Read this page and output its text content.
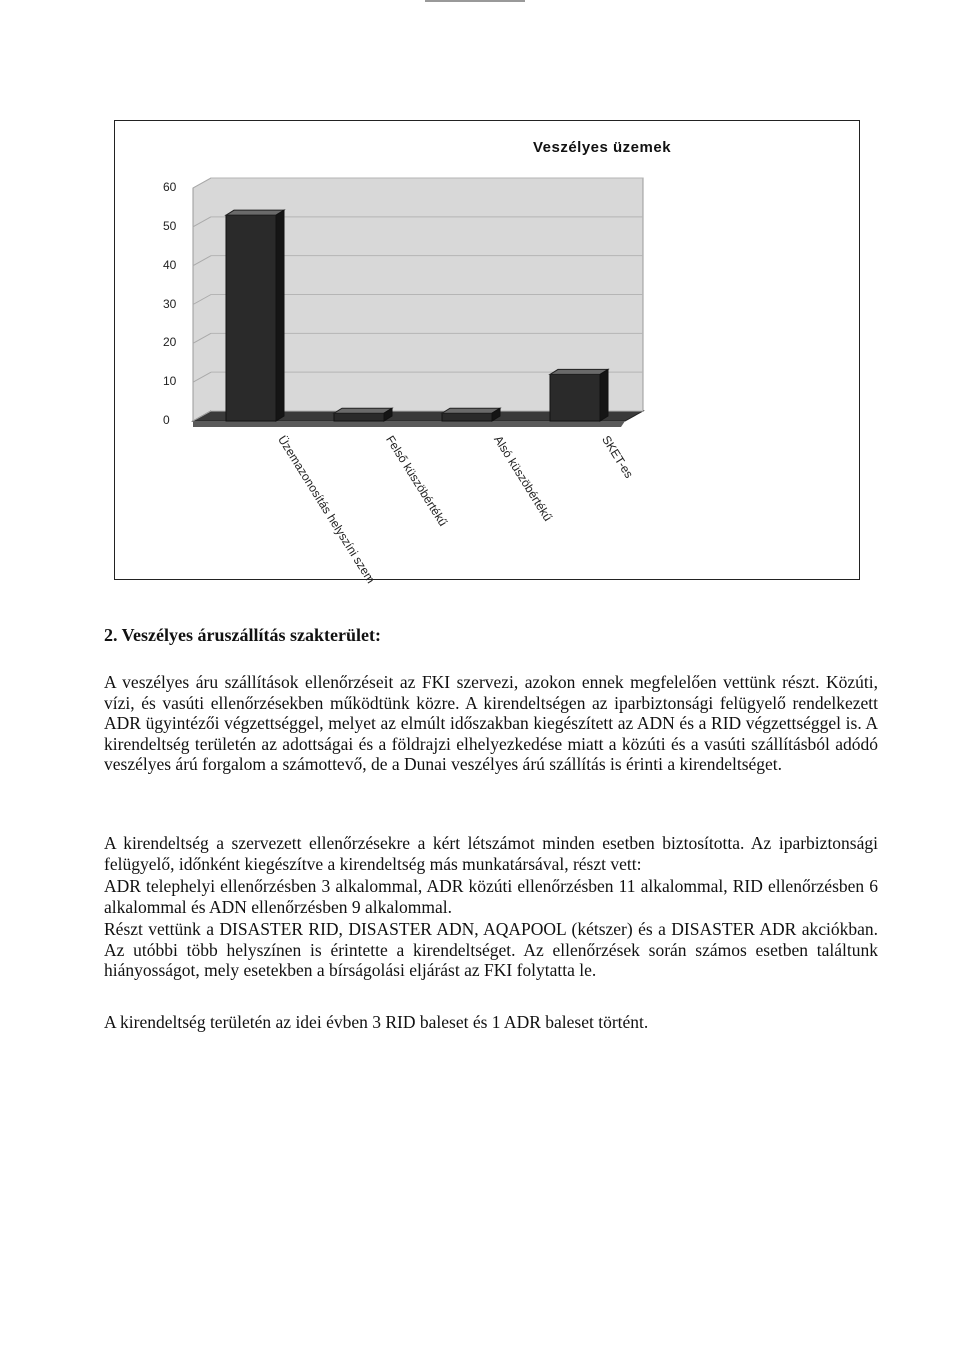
Veszélyes üzemek
0
10
20
30
40
50
60
Üzemazonosítás helyszíni szem Felső küszöbértékű	Alsó küszöbértékű	SKET-es
2. Veszélyes áruszállítás szakterület:

A veszélyes áru szállítások ellenőrzéseit az FKI szervezi, azokon ennek megfelelően vettünk részt. Közúti, vízi, és vasúti ellenőrzésekben működtünk közre. A kirendeltségen az iparbiztonsági felügyelő rendelkezett ADR ügyintézői végzettséggel, melyet az elmúlt időszakban kiegészített az ADN és a RID végzettséggel is. A kirendeltség területén az adottságai és a földrajzi elhelyezkedése miatt a közúti és a vasúti szállításból adódó veszélyes árú forgalom a számottevő, de a Dunai veszélyes árú szállítás is érinti a kirendeltséget.

A kirendeltség a szervezett ellenőrzésekre a kért létszámot minden esetben biztosította. Az iparbiztonsági felügyelő, időnként kiegészítve a kirendeltség más munkatársával, részt vett:

ADR telephelyi ellenőrzésben 3 alkalommal, ADR közúti ellenőrzésben 11 alkalommal, RID ellenőrzésben 6 alkalommal és ADN ellenőrzésben 9 alkalommal.

Részt vettünk a DISASTER RID, DISASTER ADN, AQAPOOL (kétszer) és a DISASTER ADR akciókban. Az utóbbi több helyszínen is érintette a kirendeltséget. Az ellenőrzések során számos esetben találtunk hiányosságot, mely esetekben a bírságolási eljárást az FKI folytatta le.

A kirendeltség területén az idei évben 3 RID baleset és 1 ADR baleset történt.
